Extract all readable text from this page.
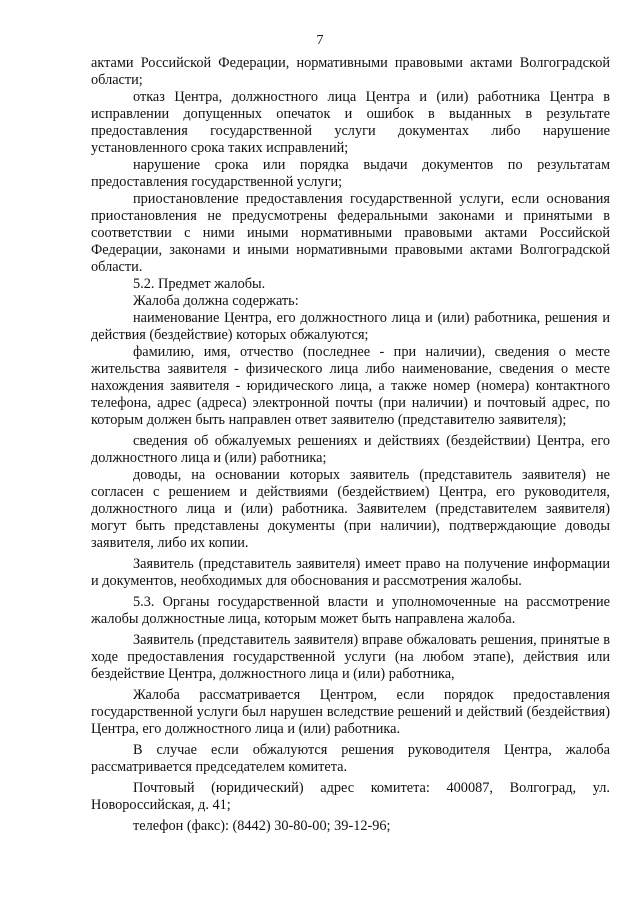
7

актами Российской Федерации, нормативными правовыми актами Волгоградской области;

отказ Центра, должностного лица Центра и (или) работника Центра в исправлении допущенных опечаток и ошибок в выданных в результате предоставления государственной услуги документах либо нарушение установленного срока таких исправлений;

нарушение срока или порядка выдачи документов по результатам предоставления государственной услуги;

приостановление предоставления государственной услуги, если основания приостановления не предусмотрены федеральными законами и принятыми в соответствии с ними иными нормативными правовыми актами Российской Федерации, законами и иными нормативными правовыми актами Волгоградской области.

5.2. Предмет жалобы.

Жалоба должна содержать:

наименование Центра, его должностного лица и (или) работника, решения и действия (бездействие) которых обжалуются;

фамилию, имя, отчество (последнее - при наличии), сведения о месте жительства заявителя - физического лица либо наименование, сведения о месте нахождения заявителя - юридического лица, а также номер (номера) контактного телефона, адрес (адреса) электронной почты (при наличии) и почтовый адрес, по которым должен быть направлен ответ заявителю (представителю заявителя);

сведения об обжалуемых решениях и действиях (бездействии) Центра, его должностного лица и (или) работника;

доводы, на основании которых заявитель (представитель заявителя) не согласен с решением и действиями (бездействием) Центра, его руководителя, должностного лица и (или) работника. Заявителем (представителем заявителя) могут быть представлены документы (при наличии), подтверждающие доводы заявителя, либо их копии.

Заявитель (представитель заявителя) имеет право на получение информации и документов, необходимых для обоснования и рассмотрения жалобы.

5.3. Органы государственной власти и уполномоченные на рассмотрение жалобы должностные лица, которым может быть направлена жалоба.

Заявитель (представитель заявителя) вправе обжаловать решения, принятые в ходе предоставления государственной услуги (на любом этапе), действия или бездействие Центра, должностного лица и (или) работника,

Жалоба рассматривается Центром, если порядок предоставления государственной услуги был нарушен вследствие решений и действий (бездействия) Центра, его должностного лица и (или) работника.

В случае если обжалуются решения руководителя Центра, жалоба рассматривается председателем комитета.

Почтовый (юридический) адрес комитета: 400087, Волгоград, ул. Новороссийская, д. 41;

телефон (факс): (8442) 30-80-00; 39-12-96;
